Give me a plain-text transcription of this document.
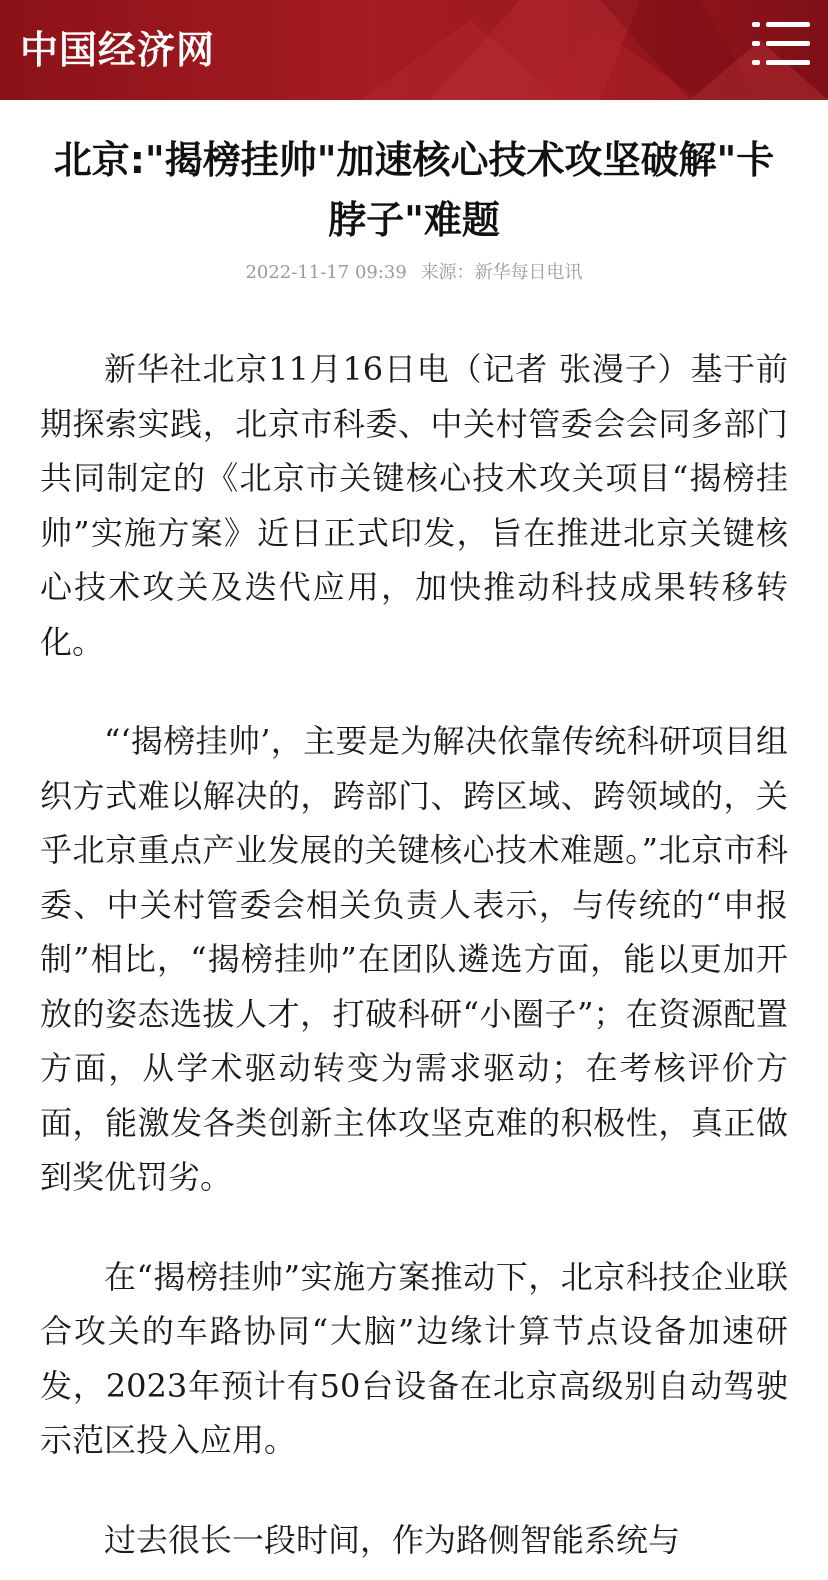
中国经济网
北京:"揭榜挂帅"加速核心技术攻坚破解"卡脖子"难题
2022-11-17 09:39 来源：新华每日电讯

新华社北京11月16日电（记者 张漫子）基于前期探索实践，北京市科委、中关村管委会会同多部门共同制定的《北京市关键核心技术攻关项目“揭榜挂帅”实施方案》近日正式印发，旨在推进北京关键核心技术攻关及迭代应用，加快推动科技成果转移转化。

“‘揭榜挂帅’，主要是为解决依靠传统科研项目组织方式难以解决的，跨部门、跨区域、跨领域的，关乎北京重点产业发展的关键核心技术难题。”北京市科委、中关村管委会相关负责人表示，与传统的“申报制”相比，“揭榜挂帅”在团队遴选方面，能以更加开放的姿态选拔人才，打破科研“小圈子”；在资源配置方面，从学术驱动转变为需求驱动；在考核评价方面，能激发各类创新主体攻坚克难的积极性，真正做到奖优罚劣。

在“揭榜挂帅”实施方案推动下，北京科技企业联合攻关的车路协同“大脑”边缘计算节点设备加速研发，2023年预计有50台设备在北京高级别自动驾驶示范区投入应用。

过去很长一段时间，作为路侧智能系统与
